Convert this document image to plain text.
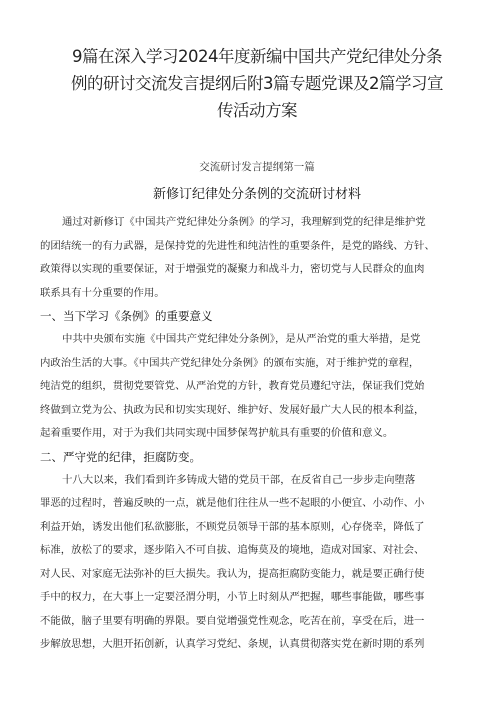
9篇在深入学习2024年度新编中国共产党纪律处分条
例的研讨交流发言提纲后附3篇专题党课及2篇学习宣
传活动方案
交流研讨发言提纲第一篇
新修订纪律处分条例的交流研讨材料

通过对新修订《中国共产党纪律处分条例》的学习，我理解到党的纪律是维护党
的团结统一的有力武器，是保持党的先进性和纯洁性的重要条件，是党的路线、方针、
政策得以实现的重要保证，对于增强党的凝聚力和战斗力，密切党与人民群众的血肉
联系具有十分重要的作用。

一、当下学习《条例》的重要意义

中共中央颁布实施《中国共产党纪律处分条例》，是从严治党的重大举措，是党
内政治生活的大事。《中国共产党纪律处分条例》的颁布实施，对于维护党的章程，
纯洁党的组织，贯彻党要管党、从严治党的方针，教育党员遵纪守法，保证我们党始
终做到立党为公、执政为民和切实实现好、维护好、发展好最广大人民的根本利益，
起着重要作用，对于为我们共同实现中国梦保驾护航具有重要的价值和意义。

二、严守党的纪律，拒腐防变。

十八大以来，我们看到许多铸成大错的党员干部，在反省自己一步步走向堕落
罪恶的过程时，普遍反映的一点，就是他们往往从一些不起眼的小便宜、小动作、小
利益开始，诱发出他们私欲膨胀，不顾党员领导干部的基本原则，心存侥幸，降低了
标准，放松了的要求，逐步陷入不可自拔、追悔莫及的境地，造成对国家、对社会、
对人民、对家庭无法弥补的巨大损失。我认为，提高拒腐防变能力，就是要正确行使
手中的权力，在大事上一定要泾渭分明，小节上时刻从严把握，哪些事能做，哪些事
不能做，脑子里要有明确的界限。要自觉增强党性观念，吃苦在前，享受在后，进一
步解放思想，大胆开拓创新，认真学习党纪、条规，认真贯彻落实党在新时期的系列
